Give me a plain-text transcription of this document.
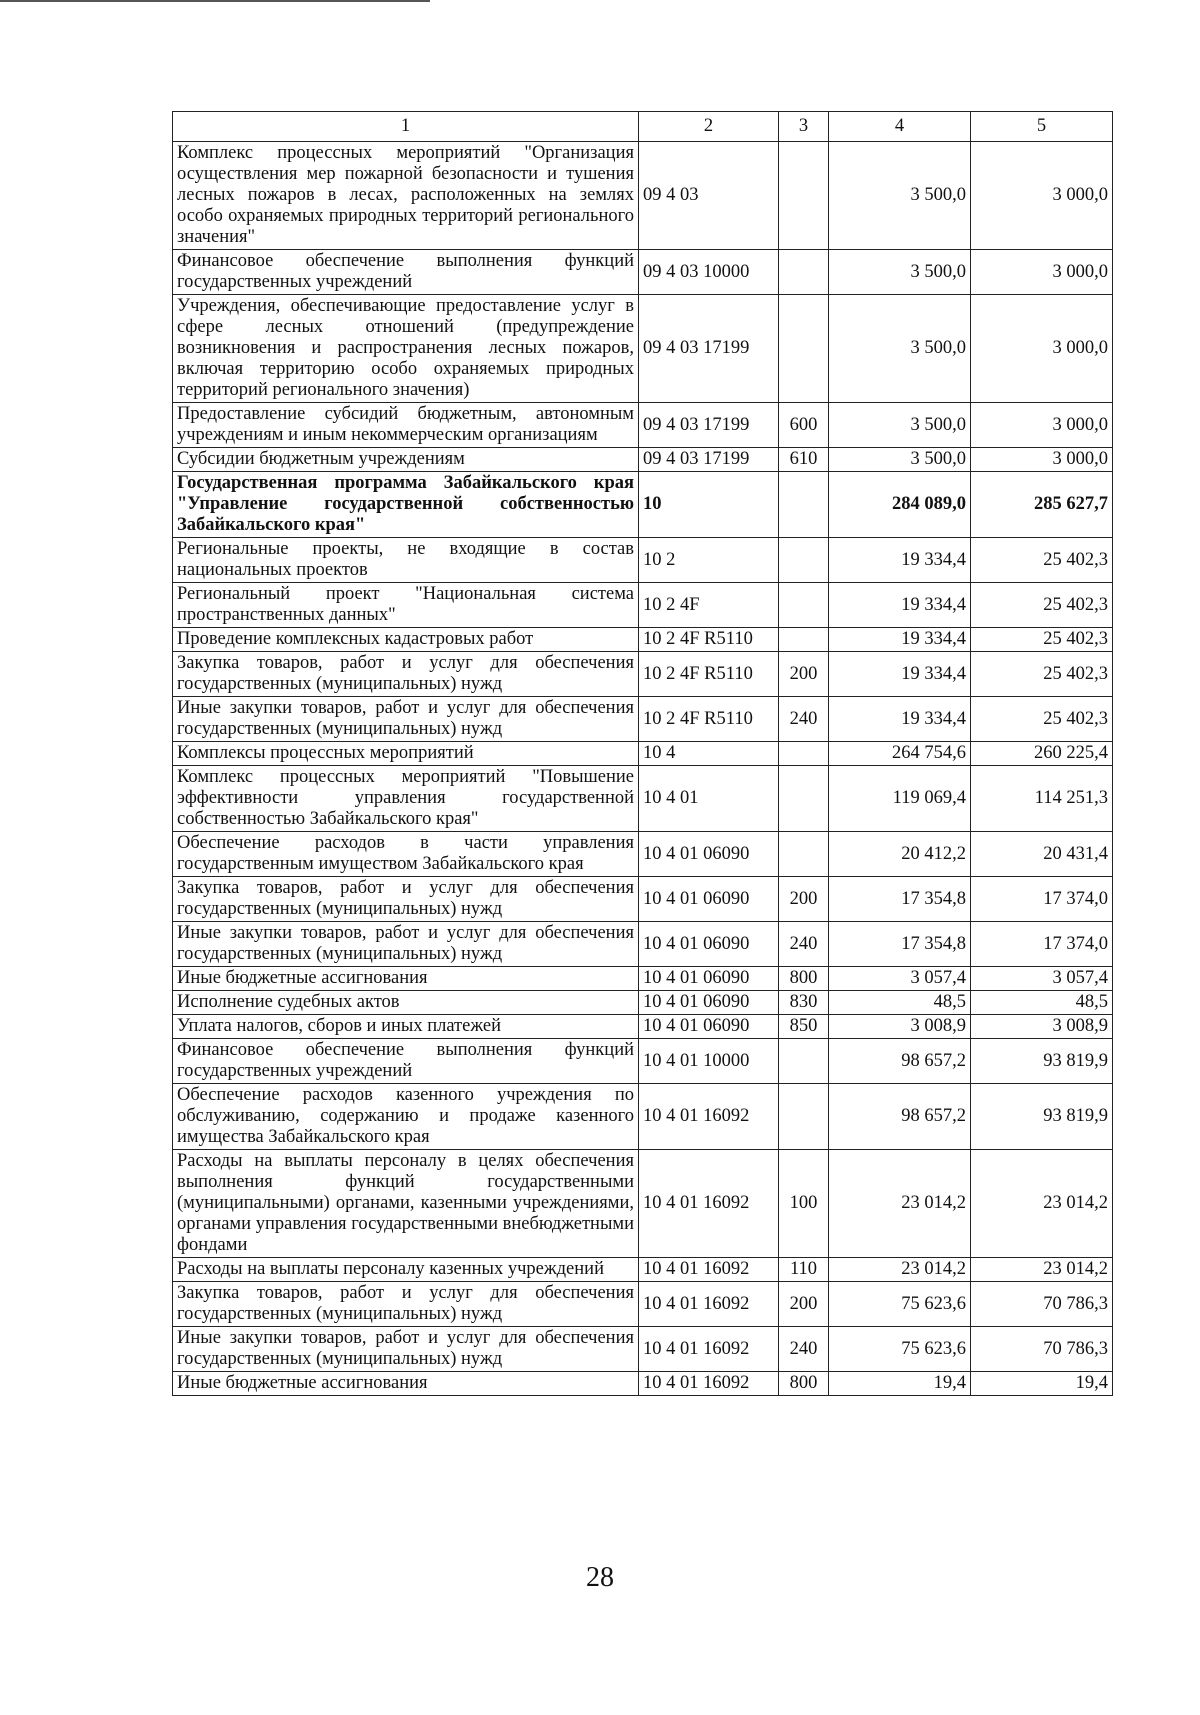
1	2	3	4	5
Комплекс процессных мероприятий "Организация осуществления мер пожарной безопасности и тушения лесных пожаров в лесах, расположенных на землях особо охраняемых природных территорий регионального значения"	09 4 03		3 500,0	3 000,0
Финансовое обеспечение выполнения функций государственных учреждений	09 4 03 10000		3 500,0	3 000,0
Учреждения, обеспечивающие предоставление услуг в сфере лесных отношений (предупреждение возникновения и распространения лесных пожаров, включая территорию особо охраняемых природных территорий регионального значения)	09 4 03 17199		3 500,0	3 000,0
Предоставление субсидий бюджетным, автономным учреждениям и иным некоммерческим организациям	09 4 03 17199	600	3 500,0	3 000,0
Субсидии бюджетным учреждениям	09 4 03 17199	610	3 500,0	3 000,0
Государственная программа Забайкальского края "Управление государственной собственностью Забайкальского края"	10		284 089,0	285 627,7
Региональные проекты, не входящие в состав национальных проектов	10 2		19 334,4	25 402,3
Региональный проект "Национальная система пространственных данных"	10 2 4F		19 334,4	25 402,3
Проведение комплексных кадастровых работ	10 2 4F R5110		19 334,4	25 402,3
Закупка товаров, работ и услуг для обеспечения государственных (муниципальных) нужд	10 2 4F R5110	200	19 334,4	25 402,3
Иные закупки товаров, работ и услуг для обеспечения государственных (муниципальных) нужд	10 2 4F R5110	240	19 334,4	25 402,3
Комплексы процессных мероприятий	10 4		264 754,6	260 225,4
Комплекс процессных мероприятий "Повышение эффективности управления государственной собственностью Забайкальского края"	10 4 01		119 069,4	114 251,3
Обеспечение расходов в части управления государственным имуществом Забайкальского края	10 4 01 06090		20 412,2	20 431,4
Закупка товаров, работ и услуг для обеспечения государственных (муниципальных) нужд	10 4 01 06090	200	17 354,8	17 374,0
Иные закупки товаров, работ и услуг для обеспечения государственных (муниципальных) нужд	10 4 01 06090	240	17 354,8	17 374,0
Иные бюджетные ассигнования	10 4 01 06090	800	3 057,4	3 057,4
Исполнение судебных актов	10 4 01 06090	830	48,5	48,5
Уплата налогов, сборов и иных платежей	10 4 01 06090	850	3 008,9	3 008,9
Финансовое обеспечение выполнения функций государственных учреждений	10 4 01 10000		98 657,2	93 819,9
Обеспечение расходов казенного учреждения по обслуживанию, содержанию и продаже казенного имущества Забайкальского края	10 4 01 16092		98 657,2	93 819,9
Расходы на выплаты персоналу в целях обеспечения выполнения функций государственными (муниципальными) органами, казенными учреждениями, органами управления государственными внебюджетными фондами	10 4 01 16092	100	23 014,2	23 014,2
Расходы на выплаты персоналу казенных учреждений	10 4 01 16092	110	23 014,2	23 014,2
Закупка товаров, работ и услуг для обеспечения государственных (муниципальных) нужд	10 4 01 16092	200	75 623,6	70 786,3
Иные закупки товаров, работ и услуг для обеспечения государственных (муниципальных) нужд	10 4 01 16092	240	75 623,6	70 786,3
Иные бюджетные ассигнования	10 4 01 16092	800	19,4	19,4
28
